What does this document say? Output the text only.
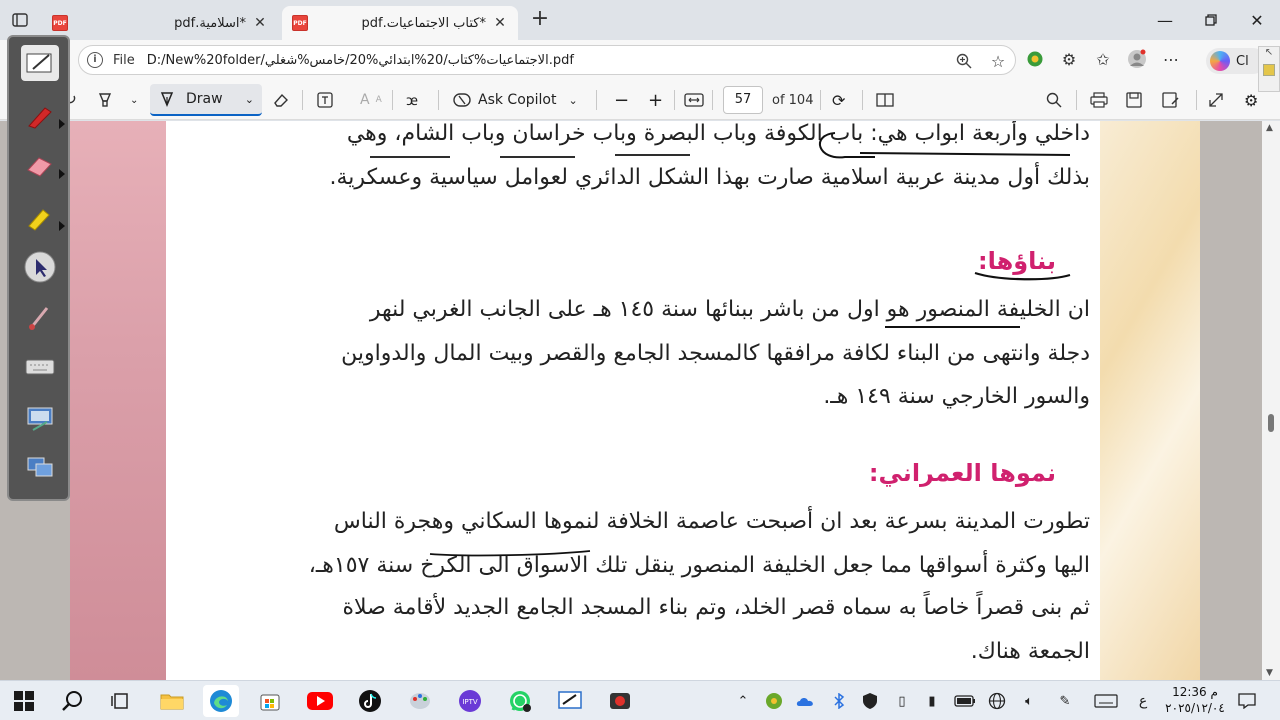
PDF	*اسلامية.pdf ✕	PDF	*كتاب الاجتماعيات.pdf ✕ +	—	✕
i	File D:/New%20folder/الاجتماعيات%كتاب/20%ابتدائي%20/خامس%شغلي.pdf	☆	⚙ ✩	⋯	Cl
⌄	Draw ⌄	A A ꭢ	Ask Copilot ⌄ − +	57	of 104 ⟳	⚙
داخلي وأربعة ابواب هي: باب الكوفة وباب البصرة وباب خراسان وباب الشام، وهي
بذلك أول مدينة عربية اسلامية صارت بهذا الشكل الدائري لعوامل سياسية وعسكرية.
بناؤها:
ان الخليفة المنصور هو اول من باشر ببنائها سنة ١٤٥ هـ على الجانب الغربي لنهر
دجلة وانتهى من البناء لكافة مرافقها كالمسجد الجامع والقصر وبيت المال والدواوين
والسور الخارجي سنة ١٤٩ هـ.
نموها العمراني:
تطورت المدينة بسرعة بعد ان أصبحت عاصمة الخلافة لنموها السكاني وهجرة الناس
اليها وكثرة أسواقها مما جعل الخليفة المنصور ينقل تلك الاسواق الى الكرخ سنة ١٥٧هـ،
ثم بنى قصراً خاصاً به سماه قصر الخلد، وتم بناء المسجد الجامع الجديد لأقامة صلاة
الجمعة هناك.
▲
▼
↖
IPTV	⌃	▯	▮	🔈︎	✎	ع
12:36 م
٢٠٢٥/١٢/٠٤
